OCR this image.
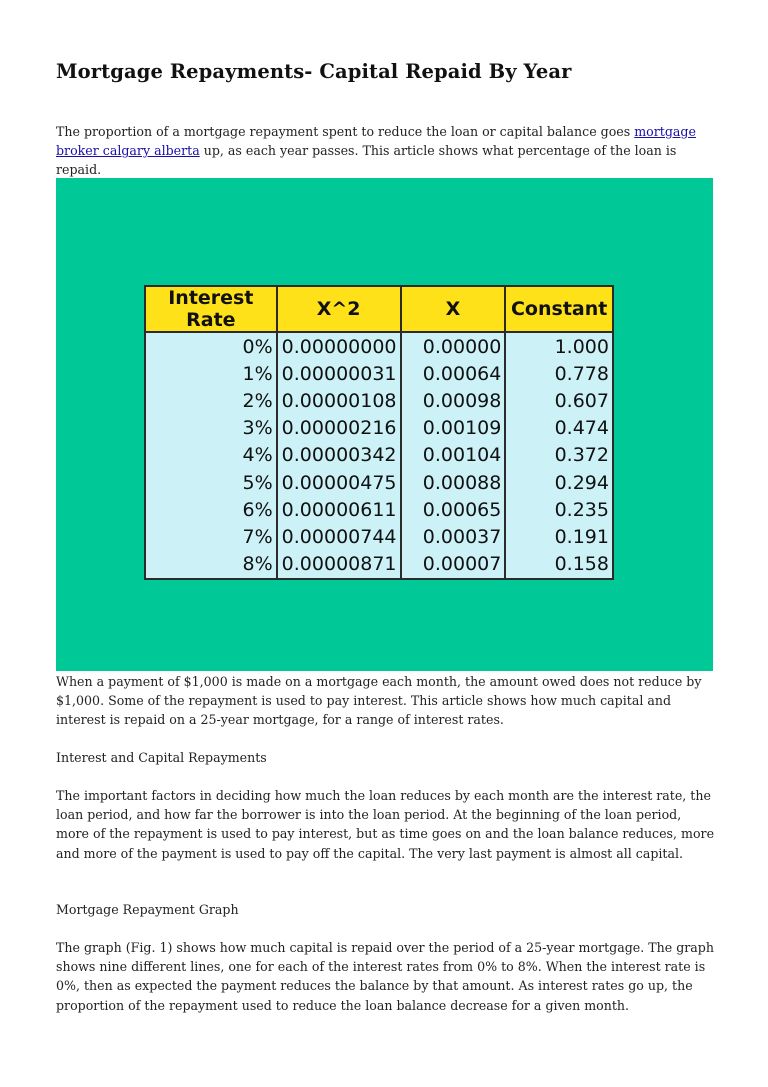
Mortgage Repayments- Capital Repaid By Year

The proportion of a mortgage repayment spent to reduce the loan or capital balance goes mortgage broker calgary alberta up, as each year passes. This article shows what percentage of the loan is repaid.

Interest Rate	X^2	X	Constant
0%	0.00000000	0.00000	1.000
1%	0.00000031	0.00064	0.778
2%	0.00000108	0.00098	0.607
3%	0.00000216	0.00109	0.474
4%	0.00000342	0.00104	0.372
5%	0.00000475	0.00088	0.294
6%	0.00000611	0.00065	0.235
7%	0.00000744	0.00037	0.191
8%	0.00000871	0.00007	0.158

When a payment of $1,000 is made on a mortgage each month, the amount owed does not reduce by $1,000. Some of the repayment is used to pay interest. This article shows how much capital and interest is repaid on a 25-year mortgage, for a range of interest rates.

Interest and Capital Repayments

The important factors in deciding how much the loan reduces by each month are the interest rate, the loan period, and how far the borrower is into the loan period. At the beginning of the loan period, more of the repayment is used to pay interest, but as time goes on and the loan balance reduces, more and more of the payment is used to pay off the capital. The very last payment is almost all capital.

Mortgage Repayment Graph

The graph (Fig. 1) shows how much capital is repaid over the period of a 25-year mortgage. The graph shows nine different lines, one for each of the interest rates from 0% to 8%. When the interest rate is 0%, then as expected the payment reduces the balance by that amount. As interest rates go up, the proportion of the repayment used to reduce the loan balance decrease for a given month.
